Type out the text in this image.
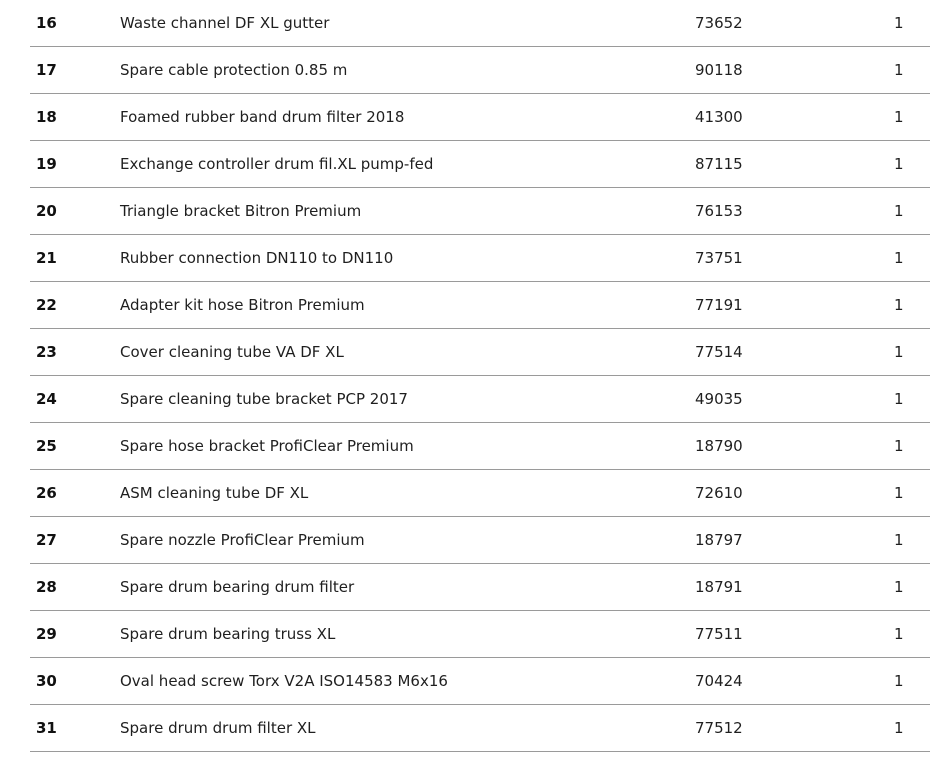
16	Waste channel DF XL gutter	73652	1
17	Spare cable protection 0.85 m	90118	1
18	Foamed rubber band drum filter 2018	41300	1
19	Exchange controller drum fil.XL pump-fed	87115	1
20	Triangle bracket Bitron Premium	76153	1
21	Rubber connection DN110 to DN110	73751	1
22	Adapter kit hose Bitron Premium	77191	1
23	Cover cleaning tube VA DF XL	77514	1
24	Spare cleaning tube bracket PCP 2017	49035	1
25	Spare hose bracket ProfiClear Premium	18790	1
26	ASM cleaning tube DF XL	72610	1
27	Spare nozzle ProfiClear Premium	18797	1
28	Spare drum bearing drum filter	18791	1
29	Spare drum bearing truss XL	77511	1
30	Oval head screw Torx V2A ISO14583 M6x16	70424	1
31	Spare drum drum filter XL	77512	1
